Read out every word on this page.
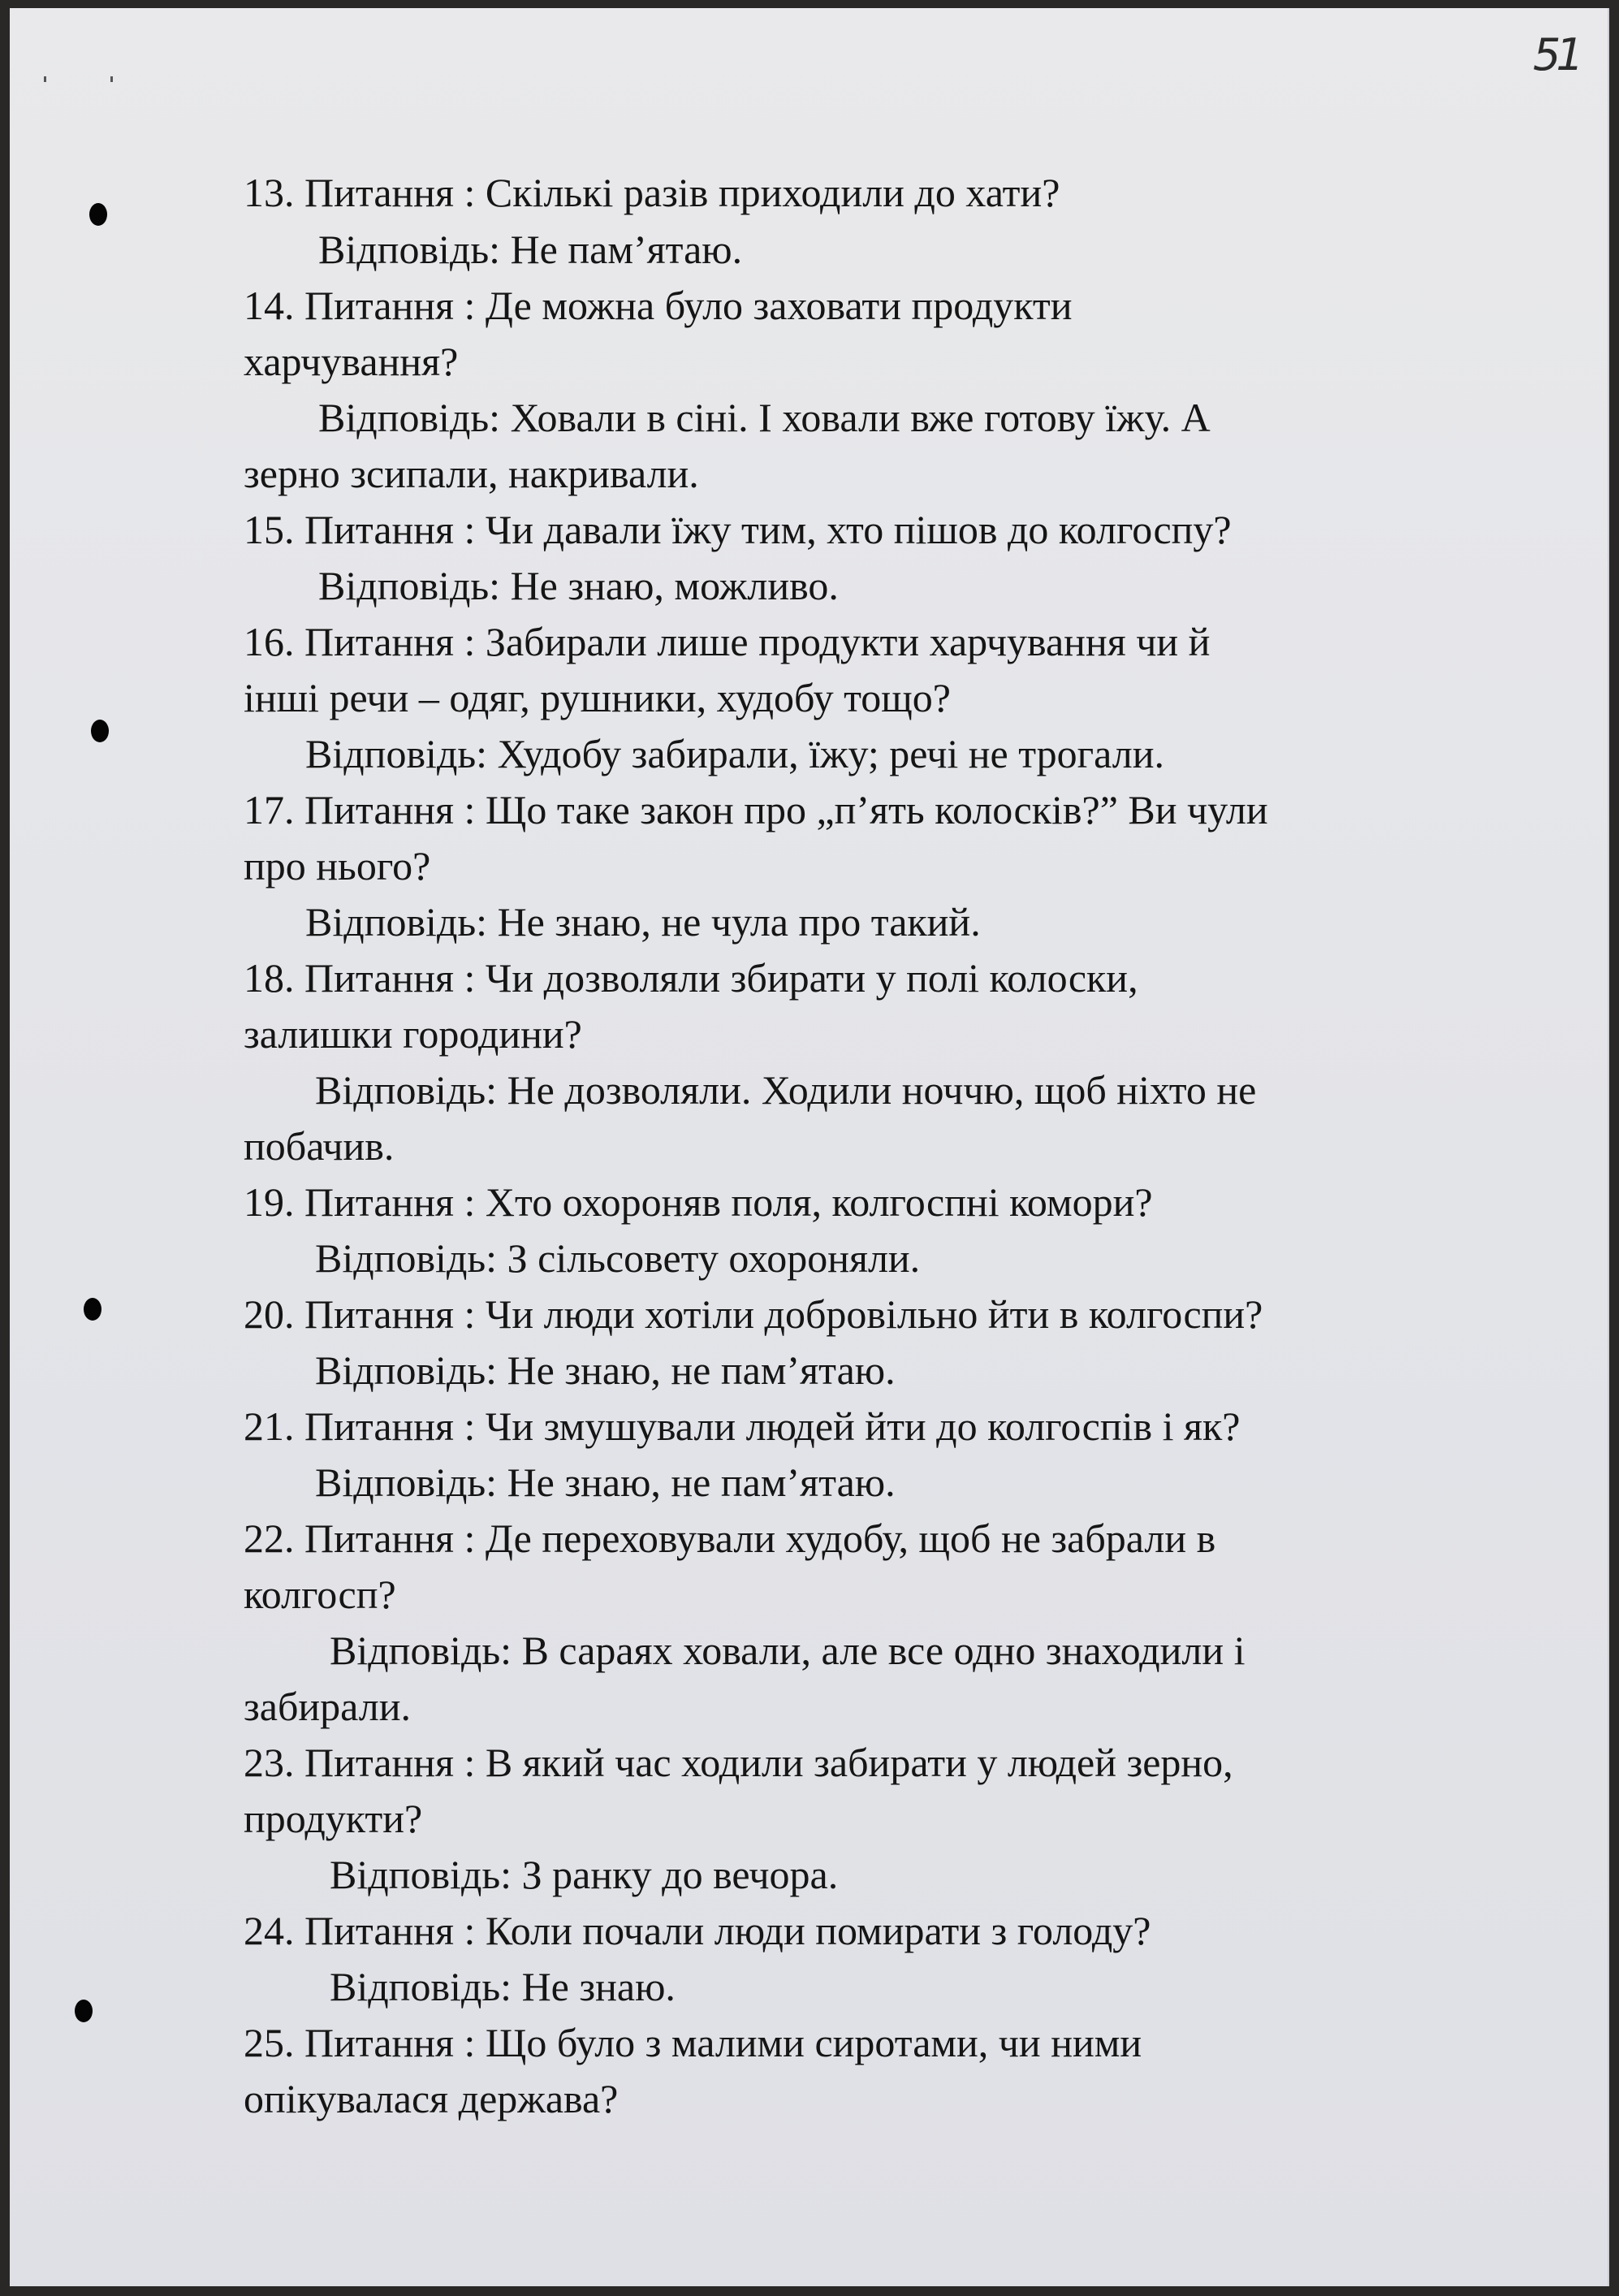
51
13. Питання : Скількі разів приходили до хати?
Відповідь: Не пам’ятаю.
14. Питання : Де можна було заховати продукти
харчування?
Відповідь: Ховали в сіні. І ховали вже готову їжу. А
зерно зсипали, накривали.
15. Питання : Чи давали їжу тим, хто пішов до колгоспу?
Відповідь: Не знаю, можливо.
16. Питання : Забирали лише продукти харчування чи й
інші речи – одяг, рушники, худобу тощо?
Відповідь: Худобу забирали, їжу; речі не трогали.
17. Питання : Що таке закон про „п’ять колосків?” Ви чули
про нього?
Відповідь: Не знаю, не чула про такий.
18. Питання : Чи дозволяли збирати у полі колоски,
залишки городини?
Відповідь: Не дозволяли. Ходили ноччю, щоб ніхто не
побачив.
19. Питання : Хто охороняв поля, колгоспні комори?
Відповідь: З сільсовету охороняли.
20. Питання : Чи люди хотіли добровільно йти в колгоспи?
Відповідь: Не знаю, не пам’ятаю.
21. Питання : Чи змушували людей йти до колгоспів і як?
Відповідь: Не знаю, не пам’ятаю.
22. Питання : Де переховували худобу, щоб не забрали в
колгосп?
Відповідь: В сараях ховали, але все одно знаходили і
забирали.
23. Питання : В який час ходили забирати у людей зерно,
продукти?
Відповідь: З ранку до вечора.
24. Питання : Коли почали люди помирати з голоду?
Відповідь: Не знаю.
25. Питання : Що було з малими сиротами, чи ними
опікувалася держава?
